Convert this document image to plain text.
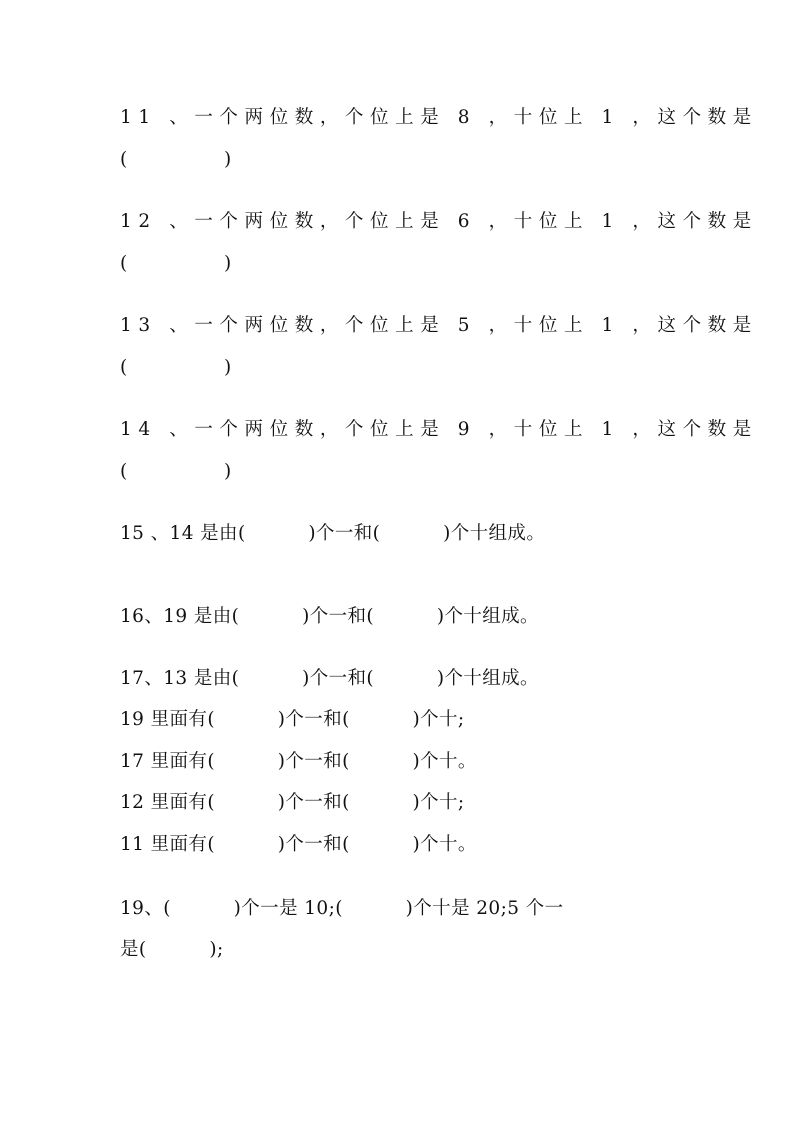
11 、一个两位数，个位上是 8 ，十位上 1 ，这个数是
(	)
12 、一个两位数，个位上是 6 ，十位上 1 ，这个数是
(	)
13 、一个两位数，个位上是 5 ，十位上 1 ，这个数是
(	)
14 、一个两位数，个位上是 9 ，十位上 1 ，这个数是
(	)
15 、14 是由(          )个一和(          )个十组成。
16、19 是由(          )个一和(          )个十组成。
17、13 是由(          )个一和(          )个十组成。
19 里面有(          )个一和(          )个十;
17 里面有(          )个一和(          )个十。
12 里面有(          )个一和(          )个十;
11 里面有(          )个一和(          )个十。
19、(          )个一是 10;(          )个十是 20;5 个一
是(          );
